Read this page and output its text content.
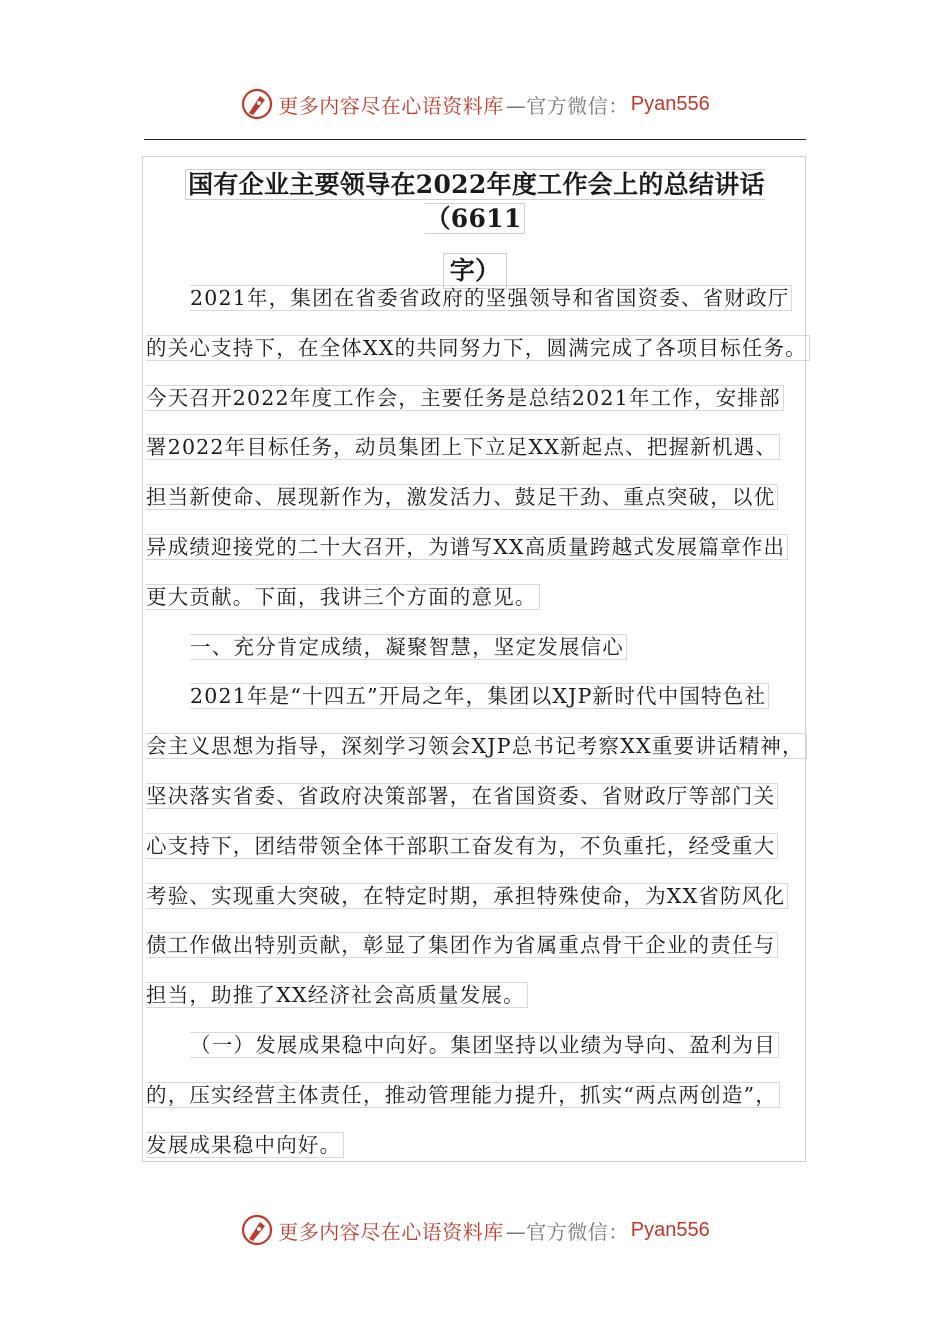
更多内容尽在心语资料库 —官方微信： Pyan556
国有企业主要领导在2022年度工作会上的总结讲话（6611
字）
2021年，集团在省委省政府的坚强领导和省国资委、省财政厅
的关心支持下，在全体XX的共同努力下，圆满完成了各项目标任务。
今天召开2022年度工作会，主要任务是总结2021年工作，安排部
署2022年目标任务，动员集团上下立足XX新起点、把握新机遇、
担当新使命、展现新作为，激发活力、鼓足干劲、重点突破，以优
异成绩迎接党的二十大召开，为谱写XX高质量跨越式发展篇章作出
更大贡献。下面，我讲三个方面的意见。
一、充分肯定成绩，凝聚智慧，坚定发展信心
2021年是“十四五”开局之年，集团以XJP新时代中国特色社
会主义思想为指导，深刻学习领会XJP总书记考察XX重要讲话精神，
坚决落实省委、省政府决策部署，在省国资委、省财政厅等部门关
心支持下，团结带领全体干部职工奋发有为，不负重托，经受重大
考验、实现重大突破，在特定时期，承担特殊使命，为XX省防风化
债工作做出特别贡献，彰显了集团作为省属重点骨干企业的责任与
担当，助推了XX经济社会高质量发展。
（一）发展成果稳中向好。集团坚持以业绩为导向、盈利为目
的，压实经营主体责任，推动管理能力提升，抓实“两点两创造”，
发展成果稳中向好。
更多内容尽在心语资料库 —官方微信： Pyan556
